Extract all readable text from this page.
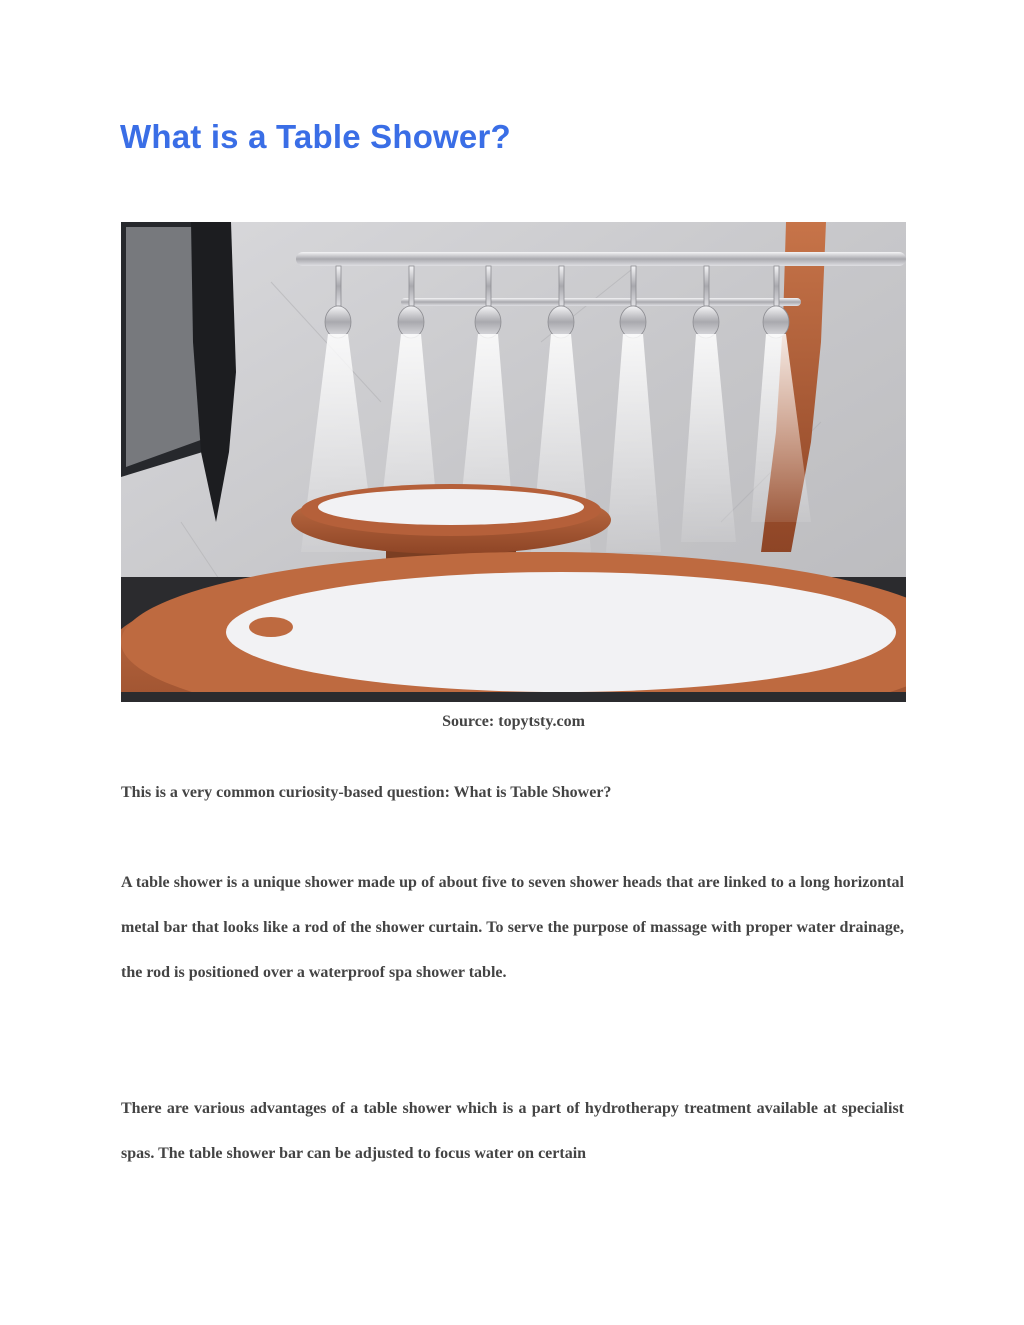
What is a Table Shower?
Source: topytsty.com

This is a very common curiosity-based question: What is Table Shower?

A table shower is a unique shower made up of about five to seven shower heads that are linked to a long horizontal metal bar that looks like a rod of the shower curtain. To serve the purpose of massage with proper water drainage, the rod is positioned over a waterproof spa shower table.

There are various advantages of a table shower which is a part of hydrotherapy treatment available at specialist spas. The table shower bar can be adjusted to focus water on certain
